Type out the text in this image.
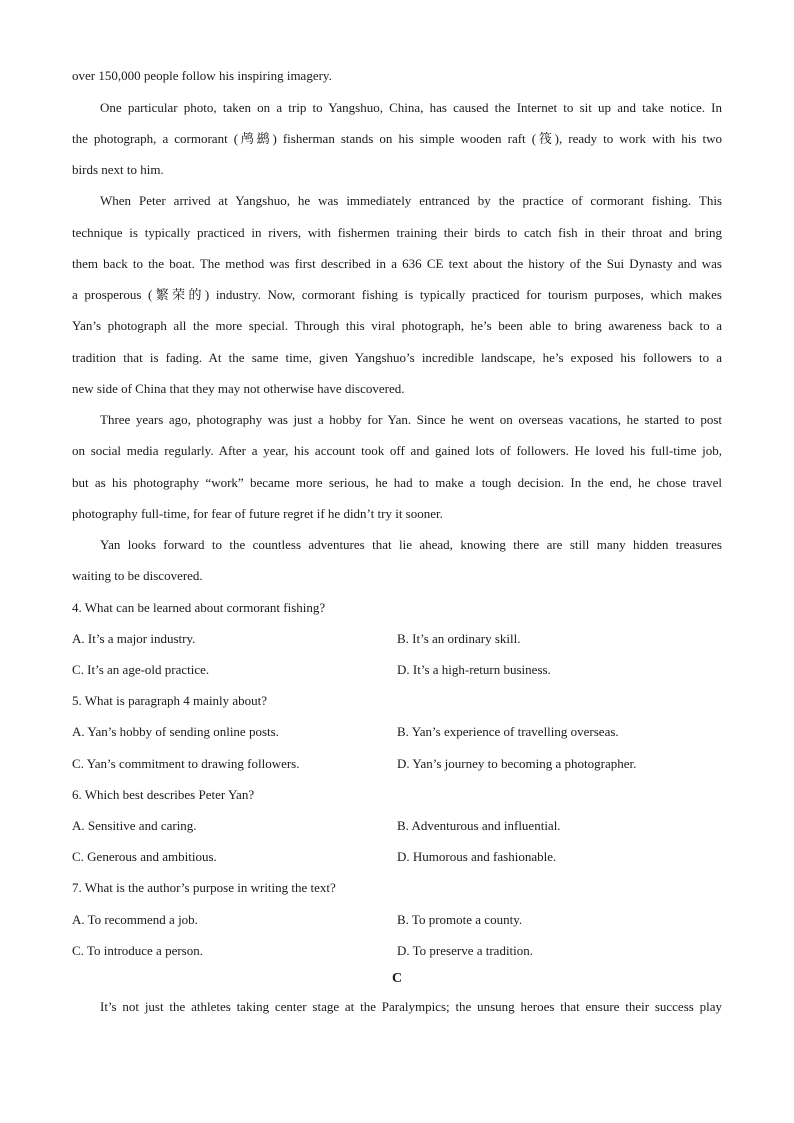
over 150,000 people follow his inspiring imagery.
One particular photo, taken on a trip to Yangshuo, China, has caused the Internet to sit up and take notice. In
the photograph, a cormorant (鸬鹚) fisherman stands on his simple wooden raft (筏), ready to work with his two
birds next to him.
When Peter arrived at Yangshuo, he was immediately entranced by the practice of cormorant fishing. This
technique is typically practiced in rivers, with fishermen training their birds to catch fish in their throat and bring
them back to the boat. The method was first described in a 636 CE text about the history of the Sui Dynasty and was
a prosperous (繁荣的) industry. Now, cormorant fishing is typically practiced for tourism purposes, which makes
Yan’s photograph all the more special. Through this viral photograph, he’s been able to bring awareness back to a
tradition that is fading. At the same time, given Yangshuo’s incredible landscape, he’s exposed his followers to a
new side of China that they may not otherwise have discovered.
Three years ago, photography was just a hobby for Yan. Since he went on overseas vacations, he started to post
on social media regularly. After a year, his account took off and gained lots of followers. He loved his full-time job,
but as his photography “work” became more serious, he had to make a tough decision. In the end, he chose travel
photography full-time, for fear of future regret if he didn’t try it sooner.
Yan looks forward to the countless adventures that lie ahead, knowing there are still many hidden treasures
waiting to be discovered.
4. What can be learned about cormorant fishing?
A. It’s a major industry.	B. It’s an ordinary skill.
C. It’s an age-old practice.	D. It’s a high-return business.
5. What is paragraph 4 mainly about?
A. Yan’s hobby of sending online posts.	B. Yan’s experience of travelling overseas.
C. Yan’s commitment to drawing followers.	D. Yan’s journey to becoming a photographer.
6. Which best describes Peter Yan?
A. Sensitive and caring.	B. Adventurous and influential.
C. Generous and ambitious.	D. Humorous and fashionable.
7. What is the author’s purpose in writing the text?
A. To recommend a job.	B. To promote a county.
C. To introduce a person.	D. To preserve a tradition.
C
It’s not just the athletes taking center stage at the Paralympics; the unsung heroes that ensure their success play
